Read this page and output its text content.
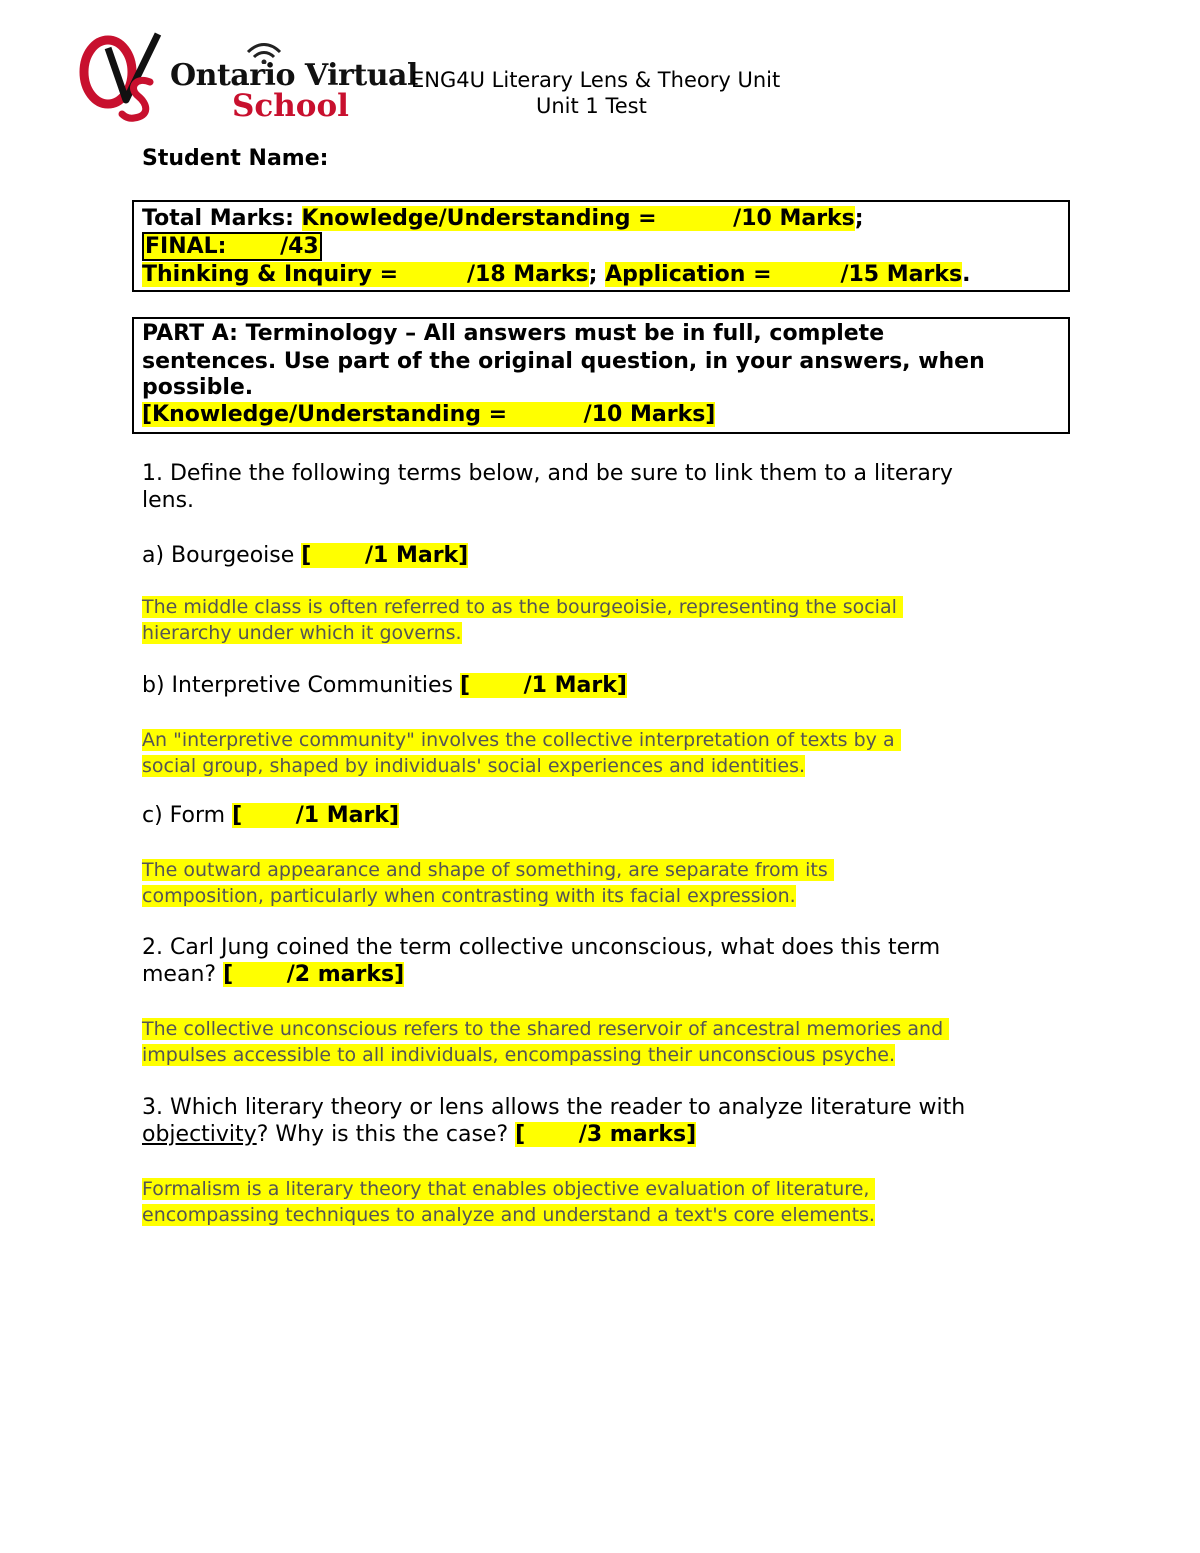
Ontario Virtual
School
ENG4U Literary Lens & Theory Unit
Unit 1 Test
Student Name:
Total Marks: Knowledge/Understanding =          /10 Marks;
FINAL:       /43
Thinking & Inquiry =         /18 Marks; Application =         /15 Marks.
PART A: Terminology – All answers must be in full, complete
sentences. Use part of the original question, in your answers, when
possible.
[Knowledge/Understanding =          /10 Marks]
1. Define the following terms below, and be sure to link them to a literary
lens.
a) Bourgeoise [       /1 Mark]
The middle class is often referred to as the bourgeoisie, representing the social
hierarchy under which it governs.
b) Interpretive Communities [       /1 Mark]
An "interpretive community" involves the collective interpretation of texts by a
social group, shaped by individuals' social experiences and identities.
c) Form [       /1 Mark]
The outward appearance and shape of something, are separate from its
composition, particularly when contrasting with its facial expression.
2. Carl Jung coined the term collective unconscious, what does this term
mean? [       /2 marks]
The collective unconscious refers to the shared reservoir of ancestral memories and
impulses accessible to all individuals, encompassing their unconscious psyche.
3. Which literary theory or lens allows the reader to analyze literature with
objectivity? Why is this the case? [       /3 marks]
Formalism is a literary theory that enables objective evaluation of literature,
encompassing techniques to analyze and understand a text's core elements.
